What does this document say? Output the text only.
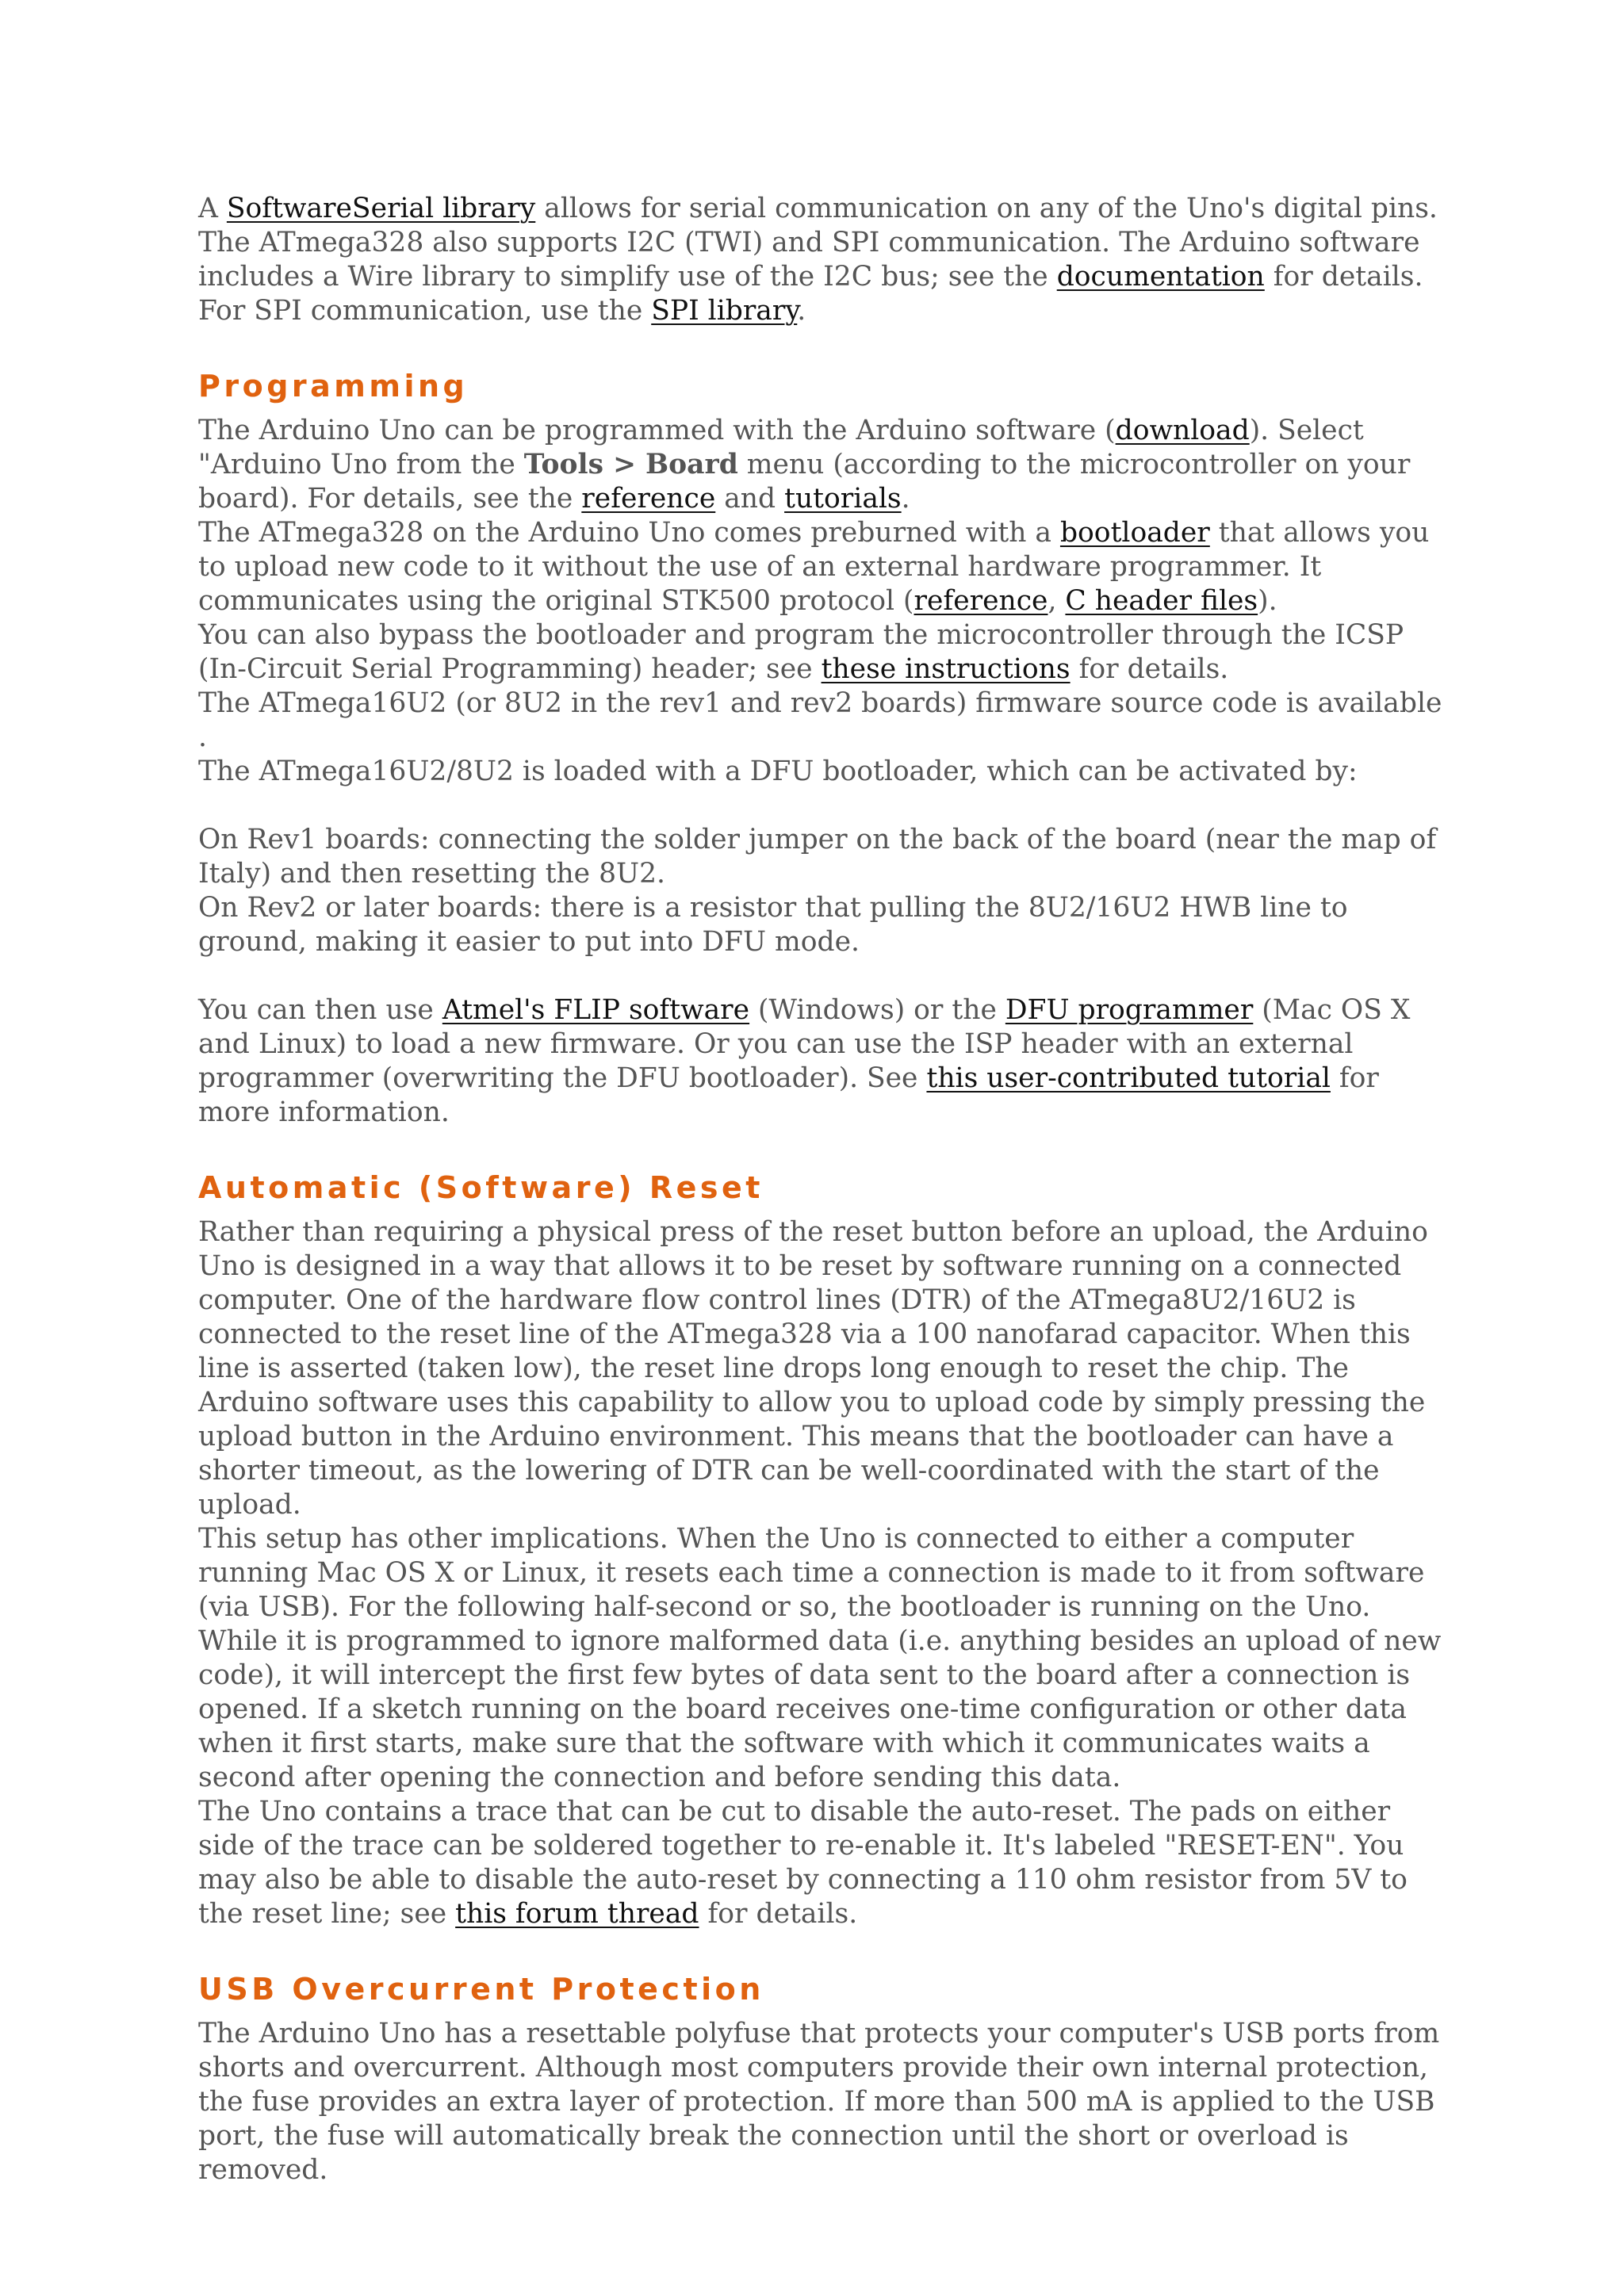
A SoftwareSerial library allows for serial communication on any of the Uno's digital pins. The ATmega328 also supports I2C (TWI) and SPI communication. The Arduino software includes a Wire library to simplify use of the I2C bus; see the documentation for details. For SPI communication, use the SPI library.

Programming

The Arduino Uno can be programmed with the Arduino software (download). Select "Arduino Uno from the Tools > Board menu (according to the microcontroller on your board). For details, see the reference and tutorials.

The ATmega328 on the Arduino Uno comes preburned with a bootloader that allows you to upload new code to it without the use of an external hardware programmer. It communicates using the original STK500 protocol (reference, C header files).

You can also bypass the bootloader and program the microcontroller through the ICSP (In-Circuit Serial Programming) header; see these instructions for details.

The ATmega16U2 (or 8U2 in the rev1 and rev2 boards) firmware source code is available .

The ATmega16U2/8U2 is loaded with a DFU bootloader, which can be activated by:

On Rev1 boards: connecting the solder jumper on the back of the board (near the map of Italy) and then resetting the 8U2.

On Rev2 or later boards: there is a resistor that pulling the 8U2/16U2 HWB line to ground, making it easier to put into DFU mode.

You can then use Atmel's FLIP software (Windows) or the DFU programmer (Mac OS X and Linux) to load a new firmware. Or you can use the ISP header with an external programmer (overwriting the DFU bootloader). See this user-contributed tutorial for more information.

Automatic (Software) Reset

Rather than requiring a physical press of the reset button before an upload, the Arduino Uno is designed in a way that allows it to be reset by software running on a connected computer. One of the hardware flow control lines (DTR) of the ATmega8U2/16U2 is connected to the reset line of the ATmega328 via a 100 nanofarad capacitor. When this line is asserted (taken low), the reset line drops long enough to reset the chip. The Arduino software uses this capability to allow you to upload code by simply pressing the upload button in the Arduino environment. This means that the bootloader can have a shorter timeout, as the lowering of DTR can be well-coordinated with the start of the upload.

This setup has other implications. When the Uno is connected to either a computer running Mac OS X or Linux, it resets each time a connection is made to it from software (via USB). For the following half-second or so, the bootloader is running on the Uno. While it is programmed to ignore malformed data (i.e. anything besides an upload of new code), it will intercept the first few bytes of data sent to the board after a connection is opened. If a sketch running on the board receives one-time configuration or other data when it first starts, make sure that the software with which it communicates waits a second after opening the connection and before sending this data.

The Uno contains a trace that can be cut to disable the auto-reset. The pads on either side of the trace can be soldered together to re-enable it. It's labeled "RESET-EN". You may also be able to disable the auto-reset by connecting a 110 ohm resistor from 5V to the reset line; see this forum thread for details.

USB Overcurrent Protection

The Arduino Uno has a resettable polyfuse that protects your computer's USB ports from shorts and overcurrent. Although most computers provide their own internal protection, the fuse provides an extra layer of protection. If more than 500 mA is applied to the USB port, the fuse will automatically break the connection until the short or overload is removed.
